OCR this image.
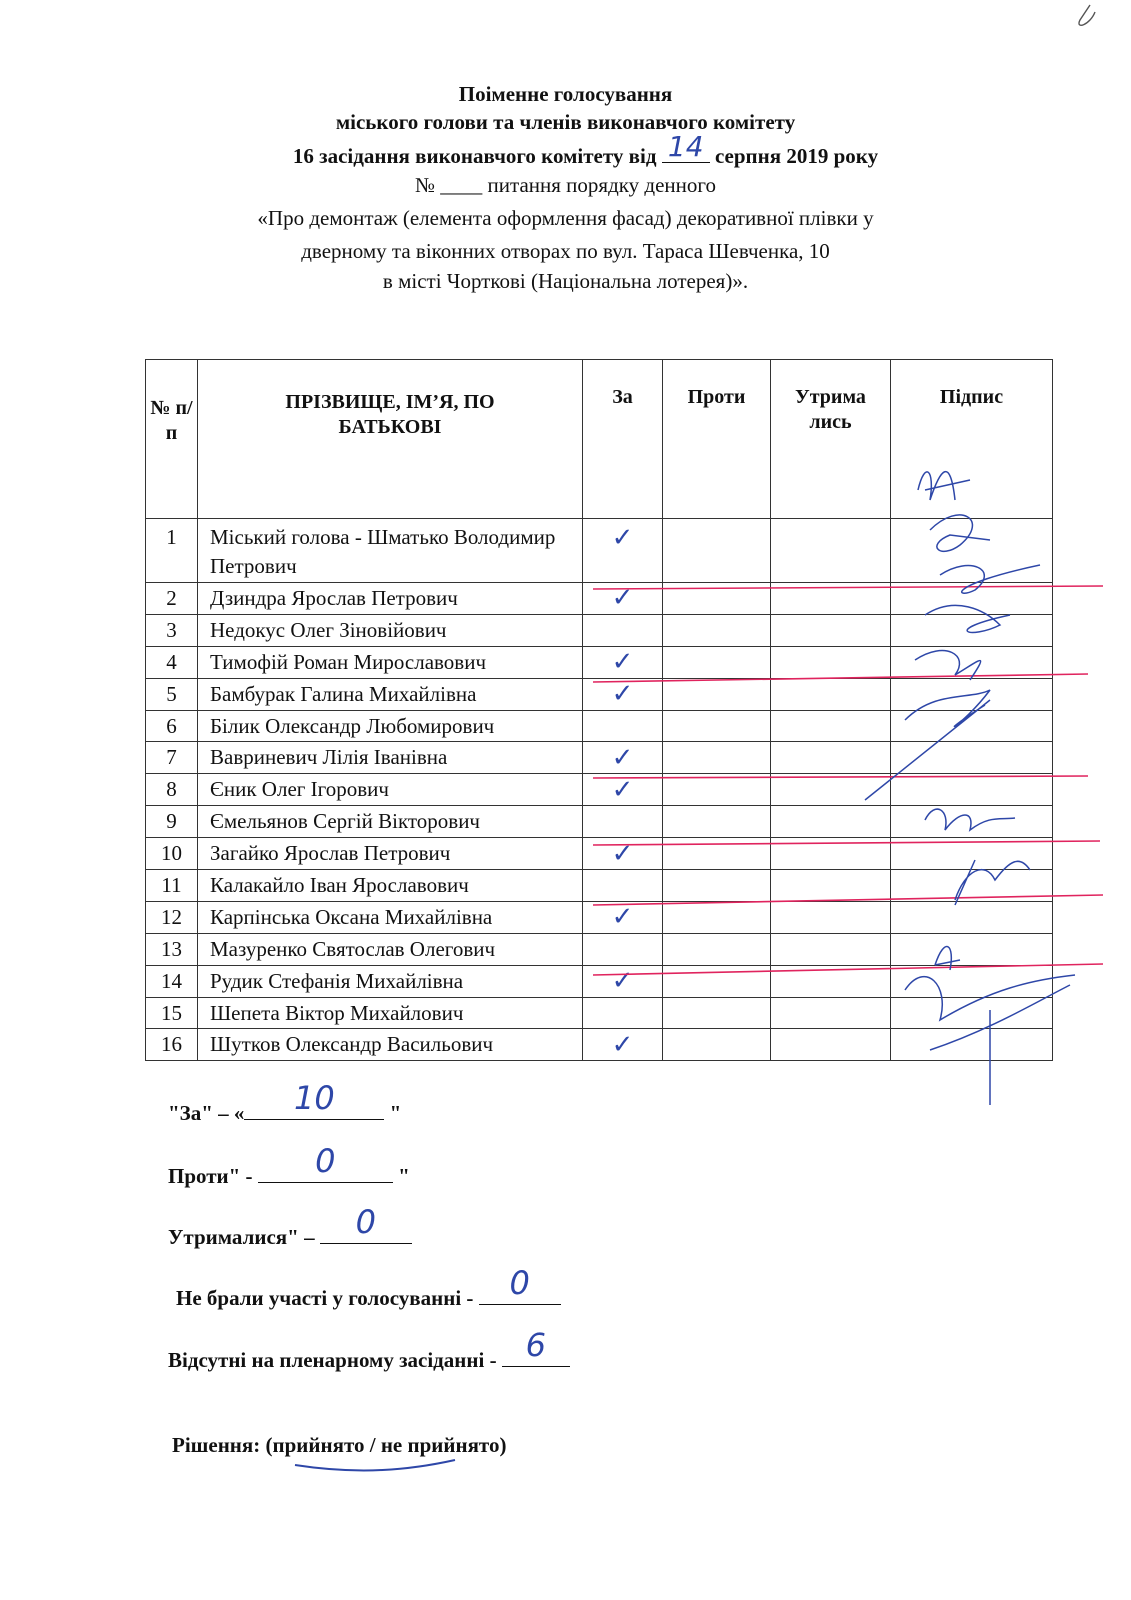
Поіменне голосування
міського голови та членів виконавчого комітету
16 засідання виконавчого комітету від 14 серпня 2019 року
№ ____ питання порядку денного
«Про демонтаж (елемента оформлення фасад) декоративної плівки у
дверному та віконних отворах по вул. Тараса Шевченка, 10
в місті Чорткові (Національна лотерея)».
№ п/ п	ПРІЗВИЩЕ, ІМ’Я, ПО БАТЬКОВІ	За	Проти	Утрима лись	Підпис
1	Міський голова - Шматько Володимир Петрович	✓			
2	Дзиндра Ярослав Петрович	✓			
3	Недокус Олег Зіновійович				
4	Тимофій Роман Мирославович	✓			
5	Бамбурак Галина Михайлівна	✓			
6	Білик Олександр Любомирович				
7	Вавриневич Лілія Іванівна	✓			
8	Єник Олег Ігорович	✓			
9	Ємельянов Сергій Вікторович				
10	Загайко Ярослав Петрович	✓			
11	Калакайло Іван Ярославович				
12	Карпінська Оксана Михайлівна	✓			
13	Мазуренко Святослав Олегович				
14	Рудик Стефанія Михайлівна	✓			
15	Шепета Віктор Михайлович				
16	Шутков Олександр Васильович	✓			
"За" – «	10	"
Проти" -	0	"
Утрималися" –	0
Не брали участі у голосуванні - 0
Відсутні на пленарному засіданні - 6
Рішення: (прийнято / не прийнято)
